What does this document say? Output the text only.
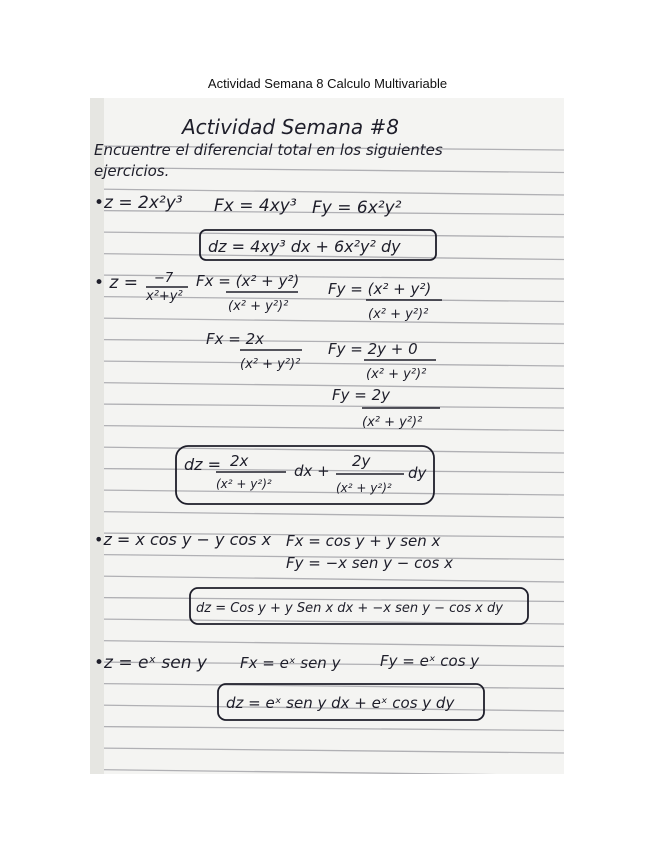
Actividad Semana 8 Calculo Multivariable
Actividad Semana #8
Encuentre el diferencial total en los siguientes
ejercicios.
•z = 2x²y³ Fx = 4xy³ Fy = 6x²y²
dz = 4xy³ dx + 6x²y² dy
• z = −7
x²+y²
Fx = (x² + y²)
(x² + y²)²
Fy = (x² + y²)
(x² + y²)²
Fx = 2x
(x² + y²)²
Fy = 2y + 0
(x² + y²)²
Fy = 2y
(x² + y²)²
dz = 2x
(x² + y²)²
dx +
2y
(x² + y²)²
dy
•z = x cos y − y cos x Fx = cos y + y sen x
Fy = −x sen y − cos x
dz = Cos y + y Sen x dx + −x sen y − cos x dy
•z = eˣ sen y Fx = eˣ sen y	Fy = eˣ cos y
dz = eˣ sen y dx + eˣ cos y dy
